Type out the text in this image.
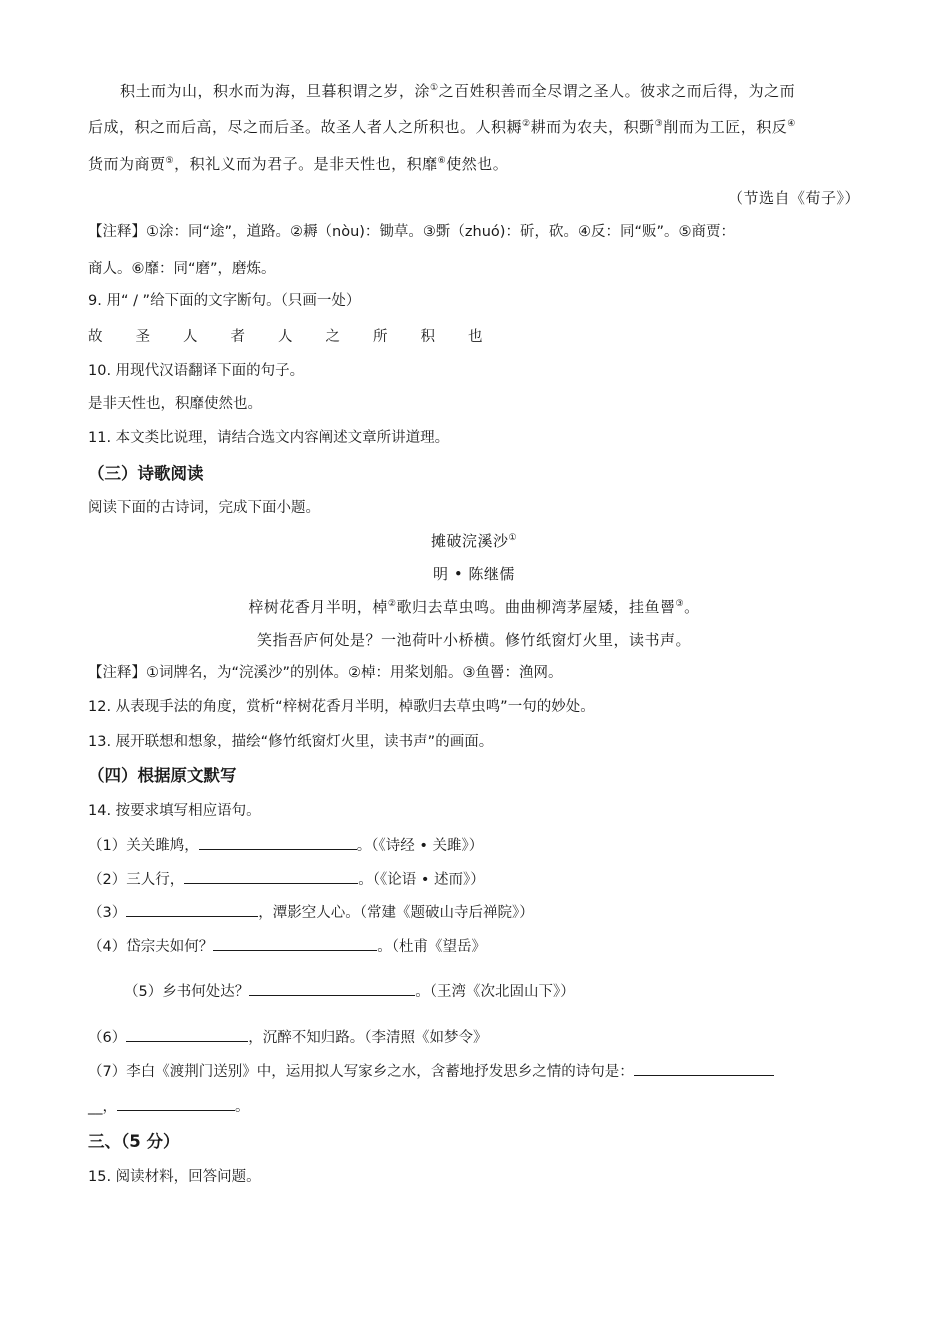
积土而为山，积水而为海，旦暮积谓之岁，涂①之百姓积善而全尽谓之圣人。彼求之而后得，为之而
后成，积之而后高，尽之而后圣。故圣人者人之所积也。人积耨②耕而为农夫，积斲③削而为工匠，积反④
货而为商贾⑤，积礼义而为君子。是非天性也，积靡⑥使然也。
（节选自《荀子》）
【注释】①涂：同“途”，道路。②耨（nòu)：锄草。③斲（zhuó)：斫，砍。④反：同“贩”。⑤商贾：
商人。⑥靡：同“磨”，磨炼。
9. 用“ / ”给下面的文字断句。（只画一处）
故 圣 人 者 人 之 所 积 也
10. 用现代汉语翻译下面的句子。
是非天性也，积靡使然也。
11. 本文类比说理，请结合选文内容阐述文章所讲道理。
（三）诗歌阅读
阅读下面的古诗词，完成下面小题。
摊破浣溪沙①
明 • 陈继儒
梓树花香月半明，棹②歌归去草虫鸣。曲曲柳湾茅屋矮，挂鱼罾③。
笑指吾庐何处是？一池荷叶小桥横。修竹纸窗灯火里，读书声。
【注释】①词牌名，为“浣溪沙”的别体。②棹：用桨划船。③鱼罾：渔网。
12. 从表现手法的角度，赏析“梓树花香月半明，棹歌归去草虫鸣”一句的妙处。
13. 展开联想和想象，描绘“修竹纸窗灯火里，读书声”的画面。
（四）根据原文默写
14. 按要求填写相应语句。
（1）关关雎鸠，	。（《诗经 • 关雎》）
（2）三人行，	。（《论语 • 述而》）
（3）	，潭影空人心。（常建《题破山寺后禅院》）
（4）岱宗夫如何？	。（杜甫《望岳》
（5）乡书何处达？	。（王湾《次北固山下》）
（6）	，沉醉不知归路。（李清照《如梦令》
（7）李白《渡荆门送别》中，运用拟人写家乡之水，含蓄地抒发思乡之情的诗句是：
__，	。
三、（5 分）
15. 阅读材料，回答问题。
